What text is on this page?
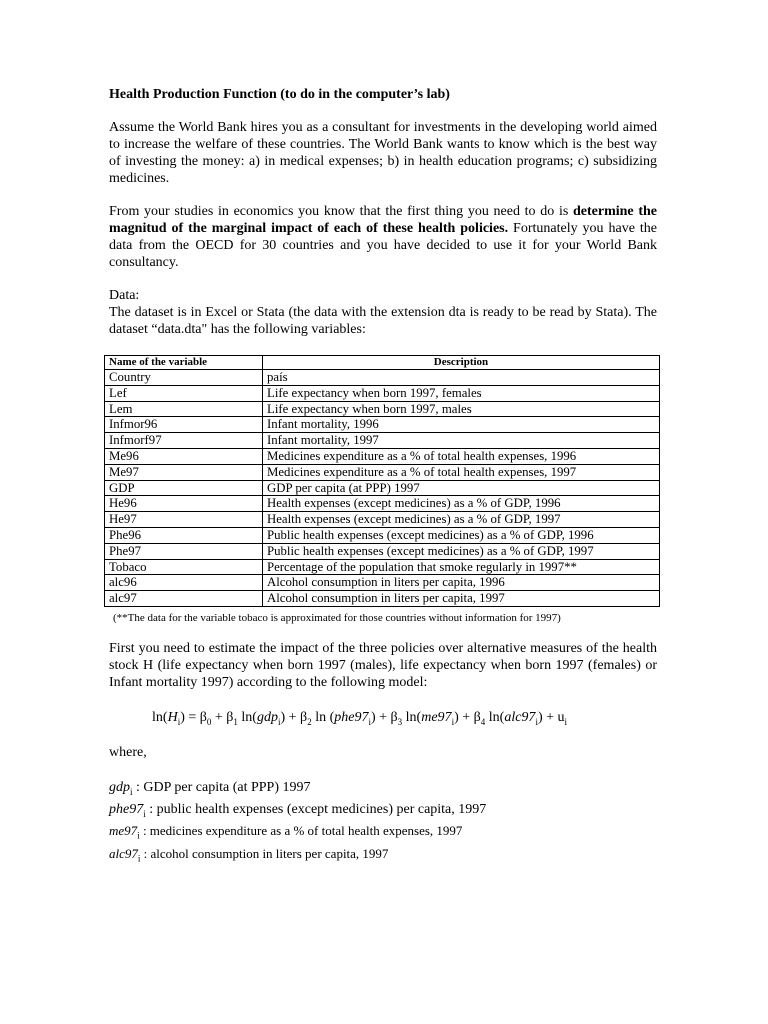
Health Production Function (to do in the computer’s lab)

Assume the World Bank hires you as a consultant for investments in the developing world aimed to increase the welfare of these countries. The World Bank wants to know which is the best way of investing the money: a) in medical expenses; b) in health education programs; c) subsidizing medicines.

From your studies in economics you know that the first thing you need to do is determine the magnitud of the marginal impact of each of these health policies. Fortunately you have the data from the OECD for 30 countries and you have decided to use it for your World Bank consultancy.

Data:

The dataset is in Excel or Stata (the data with the extension dta is ready to be read by Stata). The dataset “data.dta" has the following variables:

Name of the variable	Description
Country	país
Lef	Life expectancy when born 1997, females
Lem	Life expectancy when born 1997, males
Infmor96	Infant mortality, 1996
Infmorf97	Infant mortality, 1997
Me96	Medicines expenditure as a % of total health expenses, 1996
Me97	Medicines expenditure as a % of total health expenses, 1997
GDP	GDP per capita (at PPP) 1997
He96	Health expenses (except medicines) as a % of GDP, 1996
He97	Health expenses (except medicines) as a % of GDP, 1997
Phe96	Public health expenses (except medicines) as a % of GDP, 1996
Phe97	Public health expenses (except medicines) as a % of GDP, 1997
Tobaco	Percentage of the population that smoke regularly in 1997**
alc96	Alcohol consumption in liters per capita, 1996
alc97	Alcohol consumption in liters per capita, 1997
(**The data for the variable tobaco is approximated for those countries without information for 1997)

First you need to estimate the impact of the three policies over alternative measures of the health stock H (life expectancy when born 1997 (males), life expectancy when born 1997 (females) or Infant mortality 1997) according to the following model:

$\ln(H_i) = \beta_0 + \beta_1$ $\ln(gdp_i) + \beta_2$ $\ln (phe97_i) + \beta_3$ $\ln(me97_i) + \beta_4$ $\ln(alc97_i) + u_i$
where,
gdp$_i$ : GDP per capita (at PPP) 1997
$phe97_i$ : public health expenses (except medicines) per capita, 1997
$me97_i$ : medicines expenditure as a % of total health expenses, 1997
$alc97_i$ : alcohol consumption in liters per capita, 1997
